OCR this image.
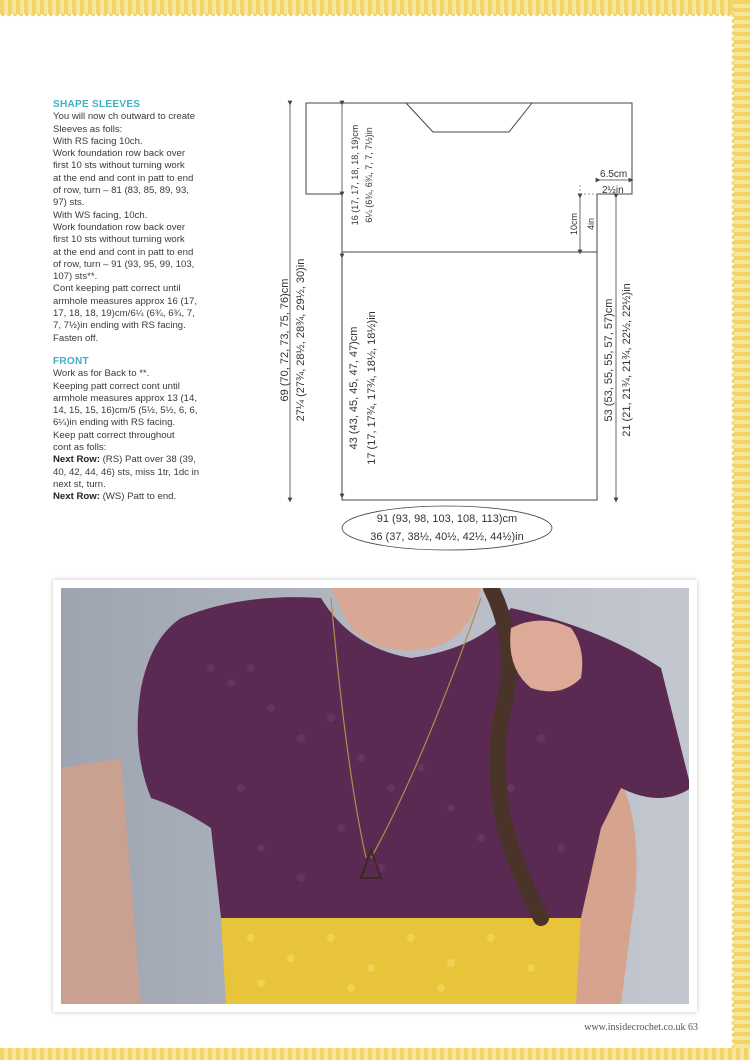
SHAPE SLEEVES

You will now ch outward to create

Sleeves as folls:

With RS facing 10ch.

Work foundation row back over

first 10 sts without turning work

at the end and cont in patt to end

of row, turn – 81 (83, 85, 89, 93,

97) sts.

With WS facing, 10ch.

Work foundation row back over

first 10 sts without turning work

at the end and cont in patt to end

of row, turn – 91 (93, 95, 99, 103,

107) sts**.

Cont keeping patt correct until

armhole measures approx 16 (17,

17, 18, 18, 19)cm/6¼ (6¾, 6¾, 7,

7, 7½)in ending with RS facing.

Fasten off.

FRONT

Work as for Back to **.

Keeping patt correct cont until

armhole measures approx 13 (14,

14, 15, 15, 16)cm/5 (5½, 5½, 6, 6,

6¼)in ending with RS facing.

Keep patt correct throughout

cont as folls:

Next Row: (RS) Patt over 38 (39,

40, 42, 44, 46) sts, miss 1tr, 1dc in

next st, turn.

Next Row: (WS) Patt to end.

69 (70, 72, 73, 75, 76)cm 27¼ (27¾, 28½, 28¾, 29½, 30)in
16 (17, 17, 18, 18, 19)cm 6¼ (6¾, 6¾, 7, 7, 7½)in
43 (43, 45, 45, 47, 47)cm 17 (17, 17¾, 17¾, 18½, 18½)in	53 (53, 55, 55, 57, 57)cm 21 (21, 21¾, 21¾, 22½, 22½)in
10cm 4in
6.5cm
2½in
91 (93, 98, 103, 108, 113)cm
36 (37, 38½, 40½, 42½, 44½)in
www.insidecrochet.co.uk 63
